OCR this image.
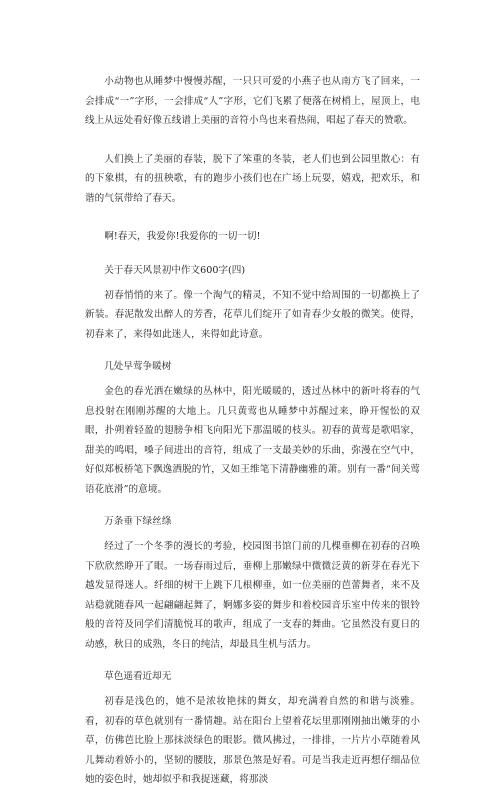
小动物也从睡梦中慢慢苏醒，一只只可爱的小燕子也从南方飞了回来，一会排成“一”字形，一会排成“人”字形，它们飞累了便落在树梢上，屋顶上，电线上从远处看好像五线谱上美丽的音符小鸟也来看热闹，唱起了春天的赞歌。

人们换上了美丽的春装，脱下了笨重的冬装，老人们也到公园里散心：有的下象棋，有的扭秧歌，有的跑步小孩们也在广场上玩耍，嬉戏，把欢乐，和谐的气氛带给了春天。

啊!春天，我爱你!我爱你的一切一切!

关于春天风景初中作文600字(四)

初春悄悄的来了。像一个淘气的精灵，不知不觉中给周围的一切都换上了新装。春泥散发出醉人的芳香，花草儿们绽开了如青春少女般的微笑。使得，初春来了，来得如此迷人，来得如此诗意。

几处早莺争暖树

金色的春光洒在嫩绿的丛林中，阳光暖暖的，透过丛林中的新叶将春的气息投射在刚刚苏醒的大地上。几只黄莺也从睡梦中苏醒过来，睁开惺忪的双眼，扑朔着轻盈的翅膀争相飞向阳光下那温暖的枝头。初春的黄莺是歌唱家，甜美的鸣唱，嗓子间进出的音符，组成了一支最美妙的乐曲，弥漫在空气中，好似郑板桥笔下飘逸洒脱的竹，又如王维笔下清静幽雅的萧。别有一番“间关莺语花底滑”的意境。

万条垂下绿丝绦

经过了一个冬季的漫长的考验，校园图书馆门前的几棵垂柳在初春的召唤下欣欣然睁开了眼。一场春雨过后，垂柳上那嫩绿中微微泛黄的新芽在春光下越发显得迷人。纤细的树干上跳下几根柳垂，如一位美丽的芭蕾舞者，来不及站稳就随春风一起翩翩起舞了，婀娜多姿的舞步和着校园音乐室中传来的银铃般的音符及同学们清脆悦耳的歌声，组成了一支春的舞曲。它虽然没有夏日的动感，秋日的成熟，冬日的纯洁，却最具生机与活力。

草色遥看近却无

初春是浅色的，她不是浓妆艳抹的舞女，却充满着自然的和谐与淡雅。看，初春的草色就别有一番情趣。站在阳台上望着花坛里那刚刚抽出嫩芽的小草，仿佛芭比脸上那抹淡绿色的眼影。微风拂过，一排排，一片片小草随着风儿舞动着娇小的，坚韧的腰肢，那景色煞是好看。可是当我走近再想仔细品位她的姿色时，她却似乎和我捉迷藏，将那淡
